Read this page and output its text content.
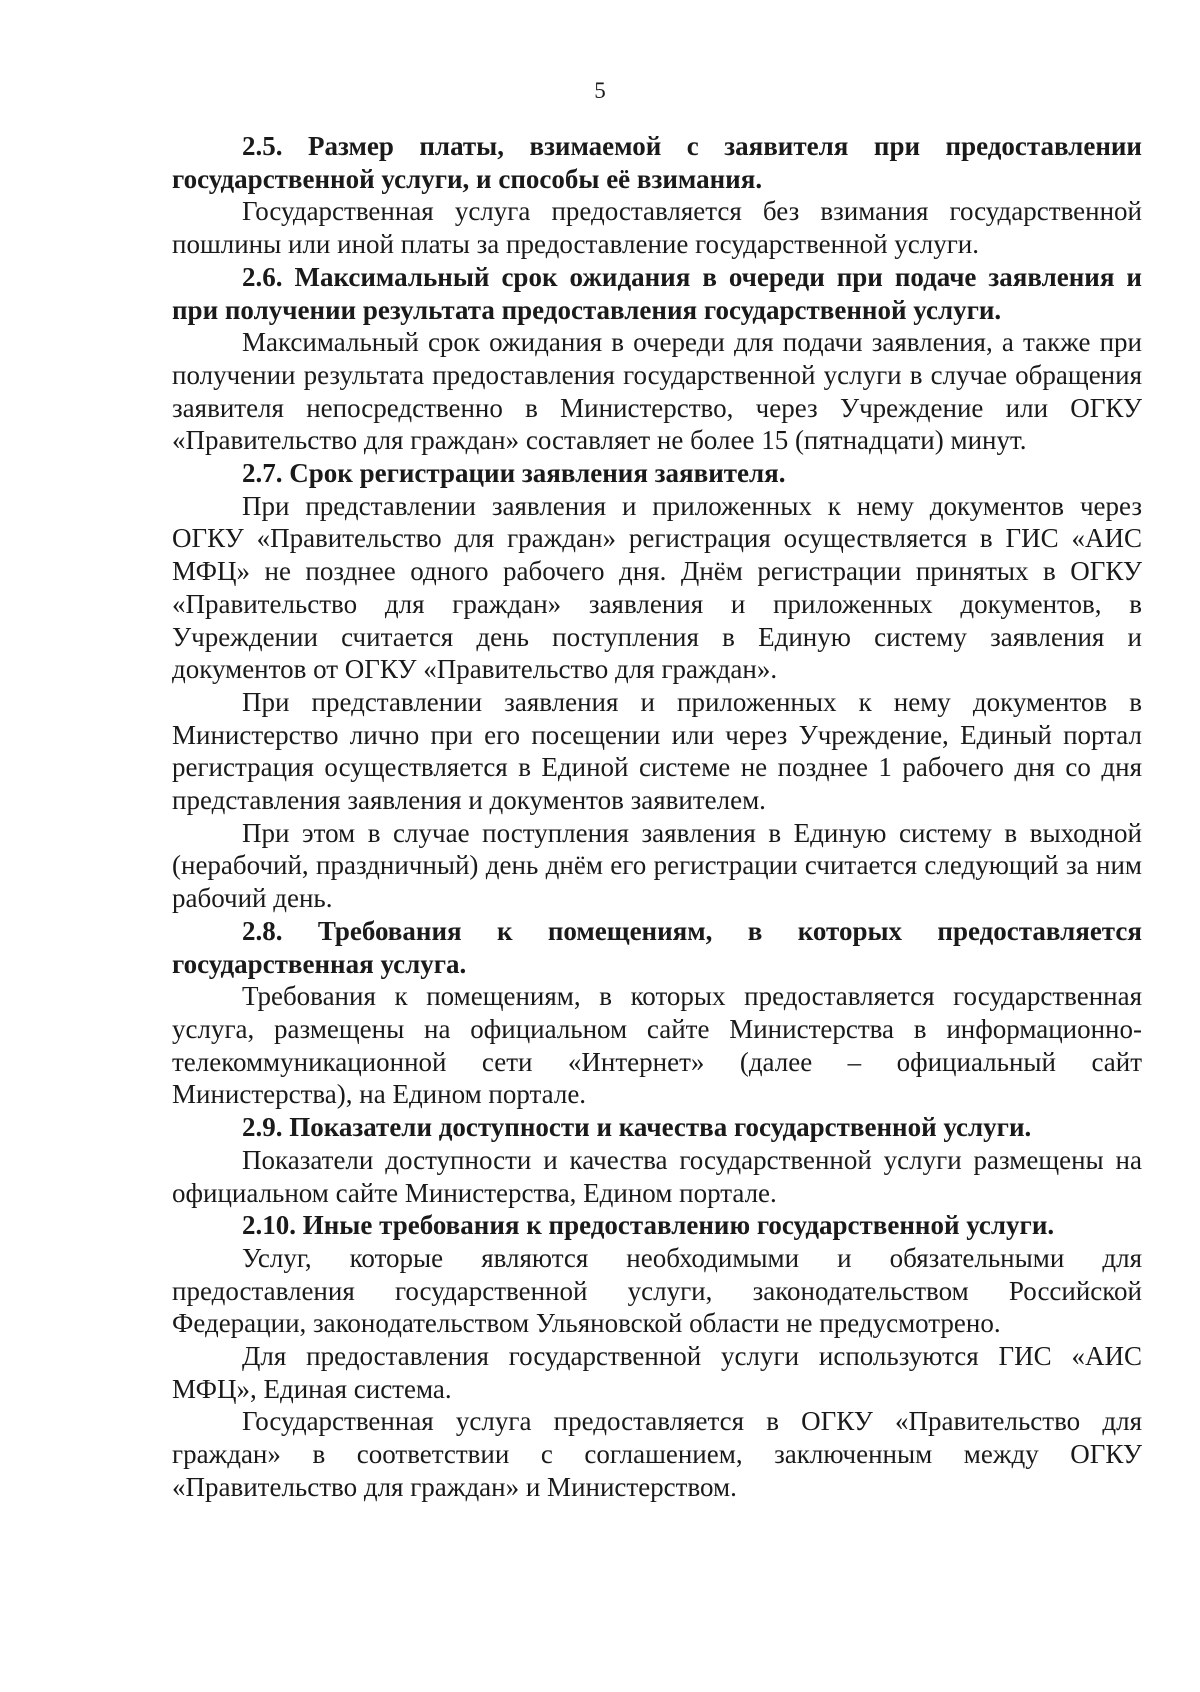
5

2.5. Размер платы, взимаемой с заявителя при предоставлении государственной услуги, и способы её взимания.

Государственная услуга предоставляется без взимания государственной пошлины или иной платы за предоставление государственной услуги.

2.6. Максимальный срок ожидания в очереди при подаче заявления и при получении результата предоставления государственной услуги.

Максимальный срок ожидания в очереди для подачи заявления, а также при получении результата предоставления государственной услуги в случае обращения заявителя непосредственно в Министерство, через Учреждение или ОГКУ «Правительство для граждан» составляет не более 15 (пятнадцати) минут.

2.7. Срок регистрации заявления заявителя.

При представлении заявления и приложенных к нему документов через ОГКУ «Правительство для граждан» регистрация осуществляется в ГИС «АИС МФЦ» не позднее одного рабочего дня. Днём регистрации принятых в ОГКУ «Правительство для граждан» заявления и приложенных документов, в Учреждении считается день поступления в Единую систему заявления и документов от ОГКУ «Правительство для граждан».

При представлении заявления и приложенных к нему документов в Министерство лично при его посещении или через Учреждение, Единый портал регистрация осуществляется в Единой системе не позднее 1 рабочего дня со дня представления заявления и документов заявителем.

При этом в случае поступления заявления в Единую систему в выходной (нерабочий, праздничный) день днём его регистрации считается следующий за ним рабочий день.

2.8. Требования к помещениям, в которых предоставляется государственная услуга.

Требования к помещениям, в которых предоставляется государственная услуга, размещены на официальном сайте Министерства в информационно-телекоммуникационной сети «Интернет» (далее – официальный сайт Министерства), на Едином портале.

2.9. Показатели доступности и качества государственной услуги.

Показатели доступности и качества государственной услуги размещены на официальном сайте Министерства, Едином портале.

2.10. Иные требования к предоставлению государственной услуги.

Услуг, которые являются необходимыми и обязательными для предоставления государственной услуги, законодательством Российской Федерации, законодательством Ульяновской области не предусмотрено.

Для предоставления государственной услуги используются ГИС «АИС МФЦ», Единая система.

Государственная услуга предоставляется в ОГКУ «Правительство для граждан» в соответствии с соглашением, заключенным между ОГКУ «Правительство для граждан» и Министерством.
